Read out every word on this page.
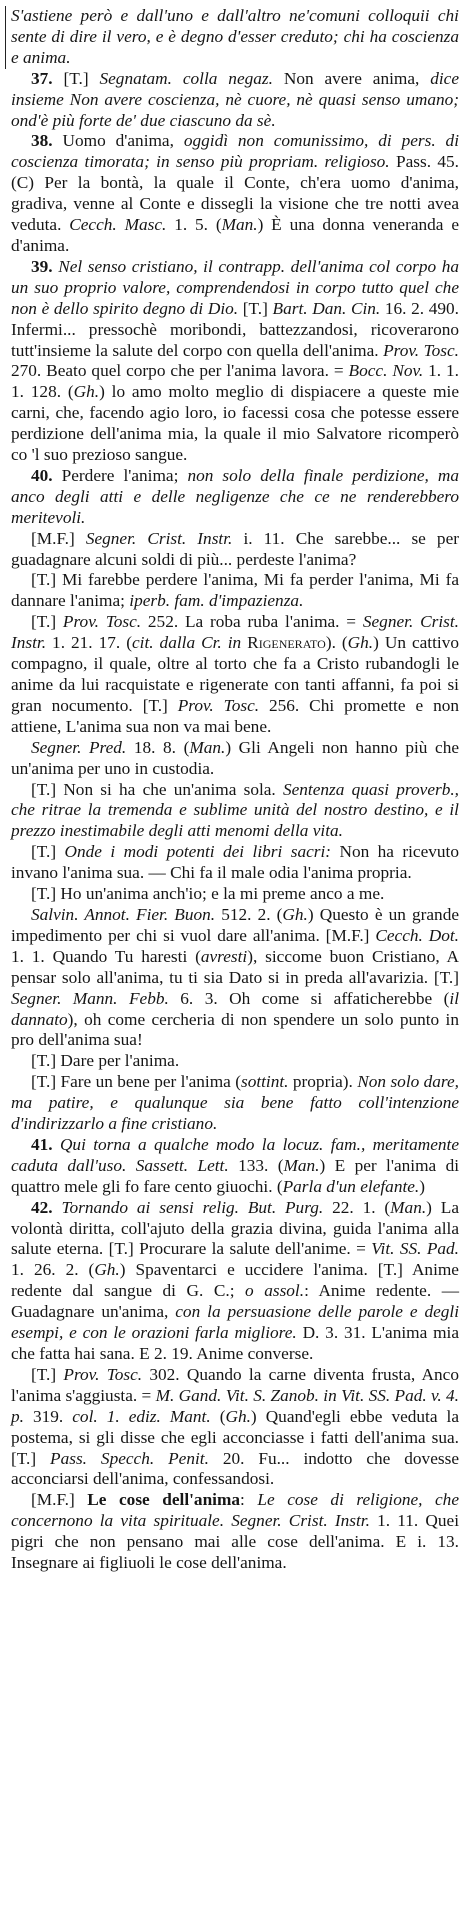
S'astiene però e dall'uno e dall'altro ne'comuni colloquii chi sente di dire il vero, e è degno d'esser creduto; chi ha coscienza e anima.

37. [T.] Segnatam. colla negaz. Non avere anima, dice insieme Non avere coscienza, nè cuore, nè quasi senso umano; ond'è più forte de' due ciascuno da sè.

38. Uomo d'anima, oggidì non comunissimo, di pers. di coscienza timorata; in senso più propriam. religioso. Pass. 45. (C) Per la bontà, la quale il Conte, ch'era uomo d'anima, gradiva, venne al Conte e dissegli la visione che tre notti avea veduta. Cecch. Masc. 1. 5. (Man.) È una donna veneranda e d'anima.

39. Nel senso cristiano, il contrapp. dell'anima col corpo ha un suo proprio valore, comprendendosi in corpo tutto quel che non è dello spirito degno di Dio. [T.] Bart. Dan. Cin. 16. 2. 490. Infermi... pressochè moribondi, battezzandosi, ricoverarono tutt'insieme la salute del corpo con quella dell'anima. Prov. Tosc. 270. Beato quel corpo che per l'anima lavora. = Bocc. Nov. 1. 1. 1. 128. (Gh.) lo amo molto meglio di dispiacere a queste mie carni, che, facendo agio loro, io facessi cosa che potesse essere perdizione dell'anima mia, la quale il mio Salvatore ricomperò co 'l suo prezioso sangue.

40. Perdere l'anima; non solo della finale perdizione, ma anco degli atti e delle negligenze che ce ne renderebbero meritevoli.

[M.F.] Segner. Crist. Instr. i. 11. Che sarebbe... se per guadagnare alcuni soldi di più... perdeste l'anima?

[T.] Mi farebbe perdere l'anima, Mi fa perder l'anima, Mi fa dannare l'anima; iperb. fam. d'impazienza.

[T.] Prov. Tosc. 252. La roba ruba l'anima. = Segner. Crist. Instr. 1. 21. 17. (cit. dalla Cr. in Rigenerato). (Gh.) Un cattivo compagno, il quale, oltre al torto che fa a Cristo rubandogli le anime da lui racquistate e rigenerate con tanti affanni, fa poi si gran nocumento. [T.] Prov. Tosc. 256. Chi promette e non attiene, L'anima sua non va mai bene.

Segner. Pred. 18. 8. (Man.) Gli Angeli non hanno più che un'anima per uno in custodia.

[T.] Non si ha che un'anima sola. Sentenza quasi proverb., che ritrae la tremenda e sublime unità del nostro destino, e il prezzo inestimabile degli atti menomi della vita.

[T.] Onde i modi potenti dei libri sacri: Non ha ricevuto invano l'anima sua. — Chi fa il male odia l'anima propria.

[T.] Ho un'anima anch'io; e la mi preme anco a me.

Salvin. Annot. Fier. Buon. 512. 2. (Gh.) Questo è un grande impedimento per chi si vuol dare all'anima. [M.F.] Cecch. Dot. 1. 1. Quando Tu haresti (avresti), siccome buon Cristiano, A pensar solo all'anima, tu ti sia Dato si in preda all'avarizia. [T.] Segner. Mann. Febb. 6. 3. Oh come si affaticherebbe (il dannato), oh come cercheria di non spendere un solo punto in pro dell'anima sua!

[T.] Dare per l'anima.

[T.] Fare un bene per l'anima (sottint. propria). Non solo dare, ma patire, e qualunque sia bene fatto coll'intenzione d'indirizzarlo a fine cristiano.

41. Qui torna a qualche modo la locuz. fam., meritamente caduta dall'uso. Sassett. Lett. 133. (Man.) E per l'anima di quattro mele gli fo fare cento giuochi. (Parla d'un elefante.)

42. Tornando ai sensi relig. But. Purg. 22. 1. (Man.) La volontà diritta, coll'ajuto della grazia divina, guida l'anima alla salute eterna. [T.] Procurare la salute dell'anime. = Vit. SS. Pad. 1. 26. 2. (Gh.) Spaventarci e uccidere l'anima. [T.] Anime redente dal sangue di G. C.; o assol.: Anime redente. — Guadagnare un'anima, con la persuasione delle parole e degli esempi, e con le orazioni farla migliore. D. 3. 31. L'anima mia che fatta hai sana. E 2. 19. Anime converse.

[T.] Prov. Tosc. 302. Quando la carne diventa frusta, Anco l'anima s'aggiusta. = M. Gand. Vit. S. Zanob. in Vit. SS. Pad. v. 4. p. 319. col. 1. ediz. Mant. (Gh.) Quand'egli ebbe veduta la postema, si gli disse che egli acconciasse i fatti dell'anima sua. [T.] Pass. Specch. Penit. 20. Fu... indotto che dovesse acconciarsi dell'anima, confessandosi.

[M.F.] Le cose dell'anima: Le cose di religione, che concernono la vita spirituale. Segner. Crist. Instr. 1. 11. Quei pigri che non pensano mai alle cose dell'anima. E i. 13. Insegnare ai figliuoli le cose dell'anima.
